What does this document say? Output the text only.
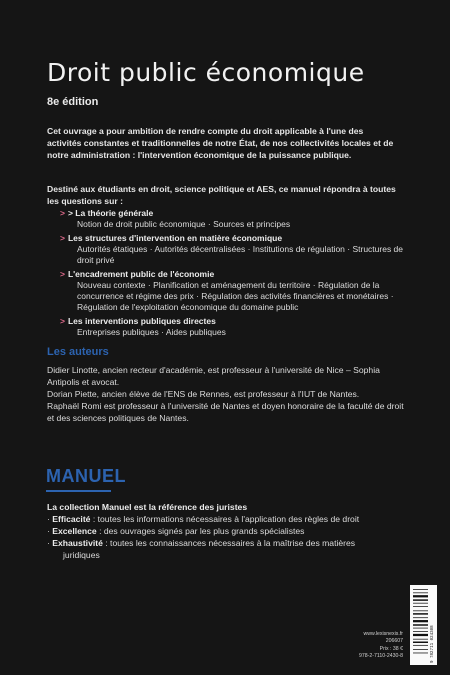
Droit public économique
8e édition
Cet ouvrage a pour ambition de rendre compte du droit applicable à l'une des activités constantes et traditionnelles de notre État, de nos collectivités locales et de notre administration : l'intervention économique de la puissance publique.
Destiné aux étudiants en droit, science politique et AES, ce manuel répondra à toutes les questions sur :
> > La théorie générale
Notion de droit public économique · Sources et principes
> Les structures d'intervention en matière économique
Autorités étatiques · Autorités décentralisées · Institutions de régulation · Structures de droit privé
> L'encadrement public de l'économie
Nouveau contexte · Planification et aménagement du territoire · Régulation de la concurrence et régime des prix · Régulation des activités financières et monétaires · Régulation de l'exploitation économique du domaine public
> Les interventions publiques directes
Entreprises publiques · Aides publiques
Les auteurs
Didier Linotte, ancien recteur d'académie, est professeur à l'université de Nice – Sophia Antipolis et avocat.
Dorian Piette, ancien élève de l'ENS de Rennes, est professeur à l'IUT de Nantes.
Raphaël Romi est professeur à l'université de Nantes et doyen honoraire de la faculté de droit et des sciences politiques de Nantes.
MANUEL
La collection Manuel est la référence des juristes
· Efficacité : toutes les informations nécessaires à l'application des règles de droit
· Excellence : des ouvrages signés par les plus grands spécialistes
· Exhaustivité : toutes les connaissances nécessaires à la maîtrise des matières
juridiques
www.lexisnexis.fr
206607
Prix : 38 €
978-2-7110-2430-8	9 782711 024308
